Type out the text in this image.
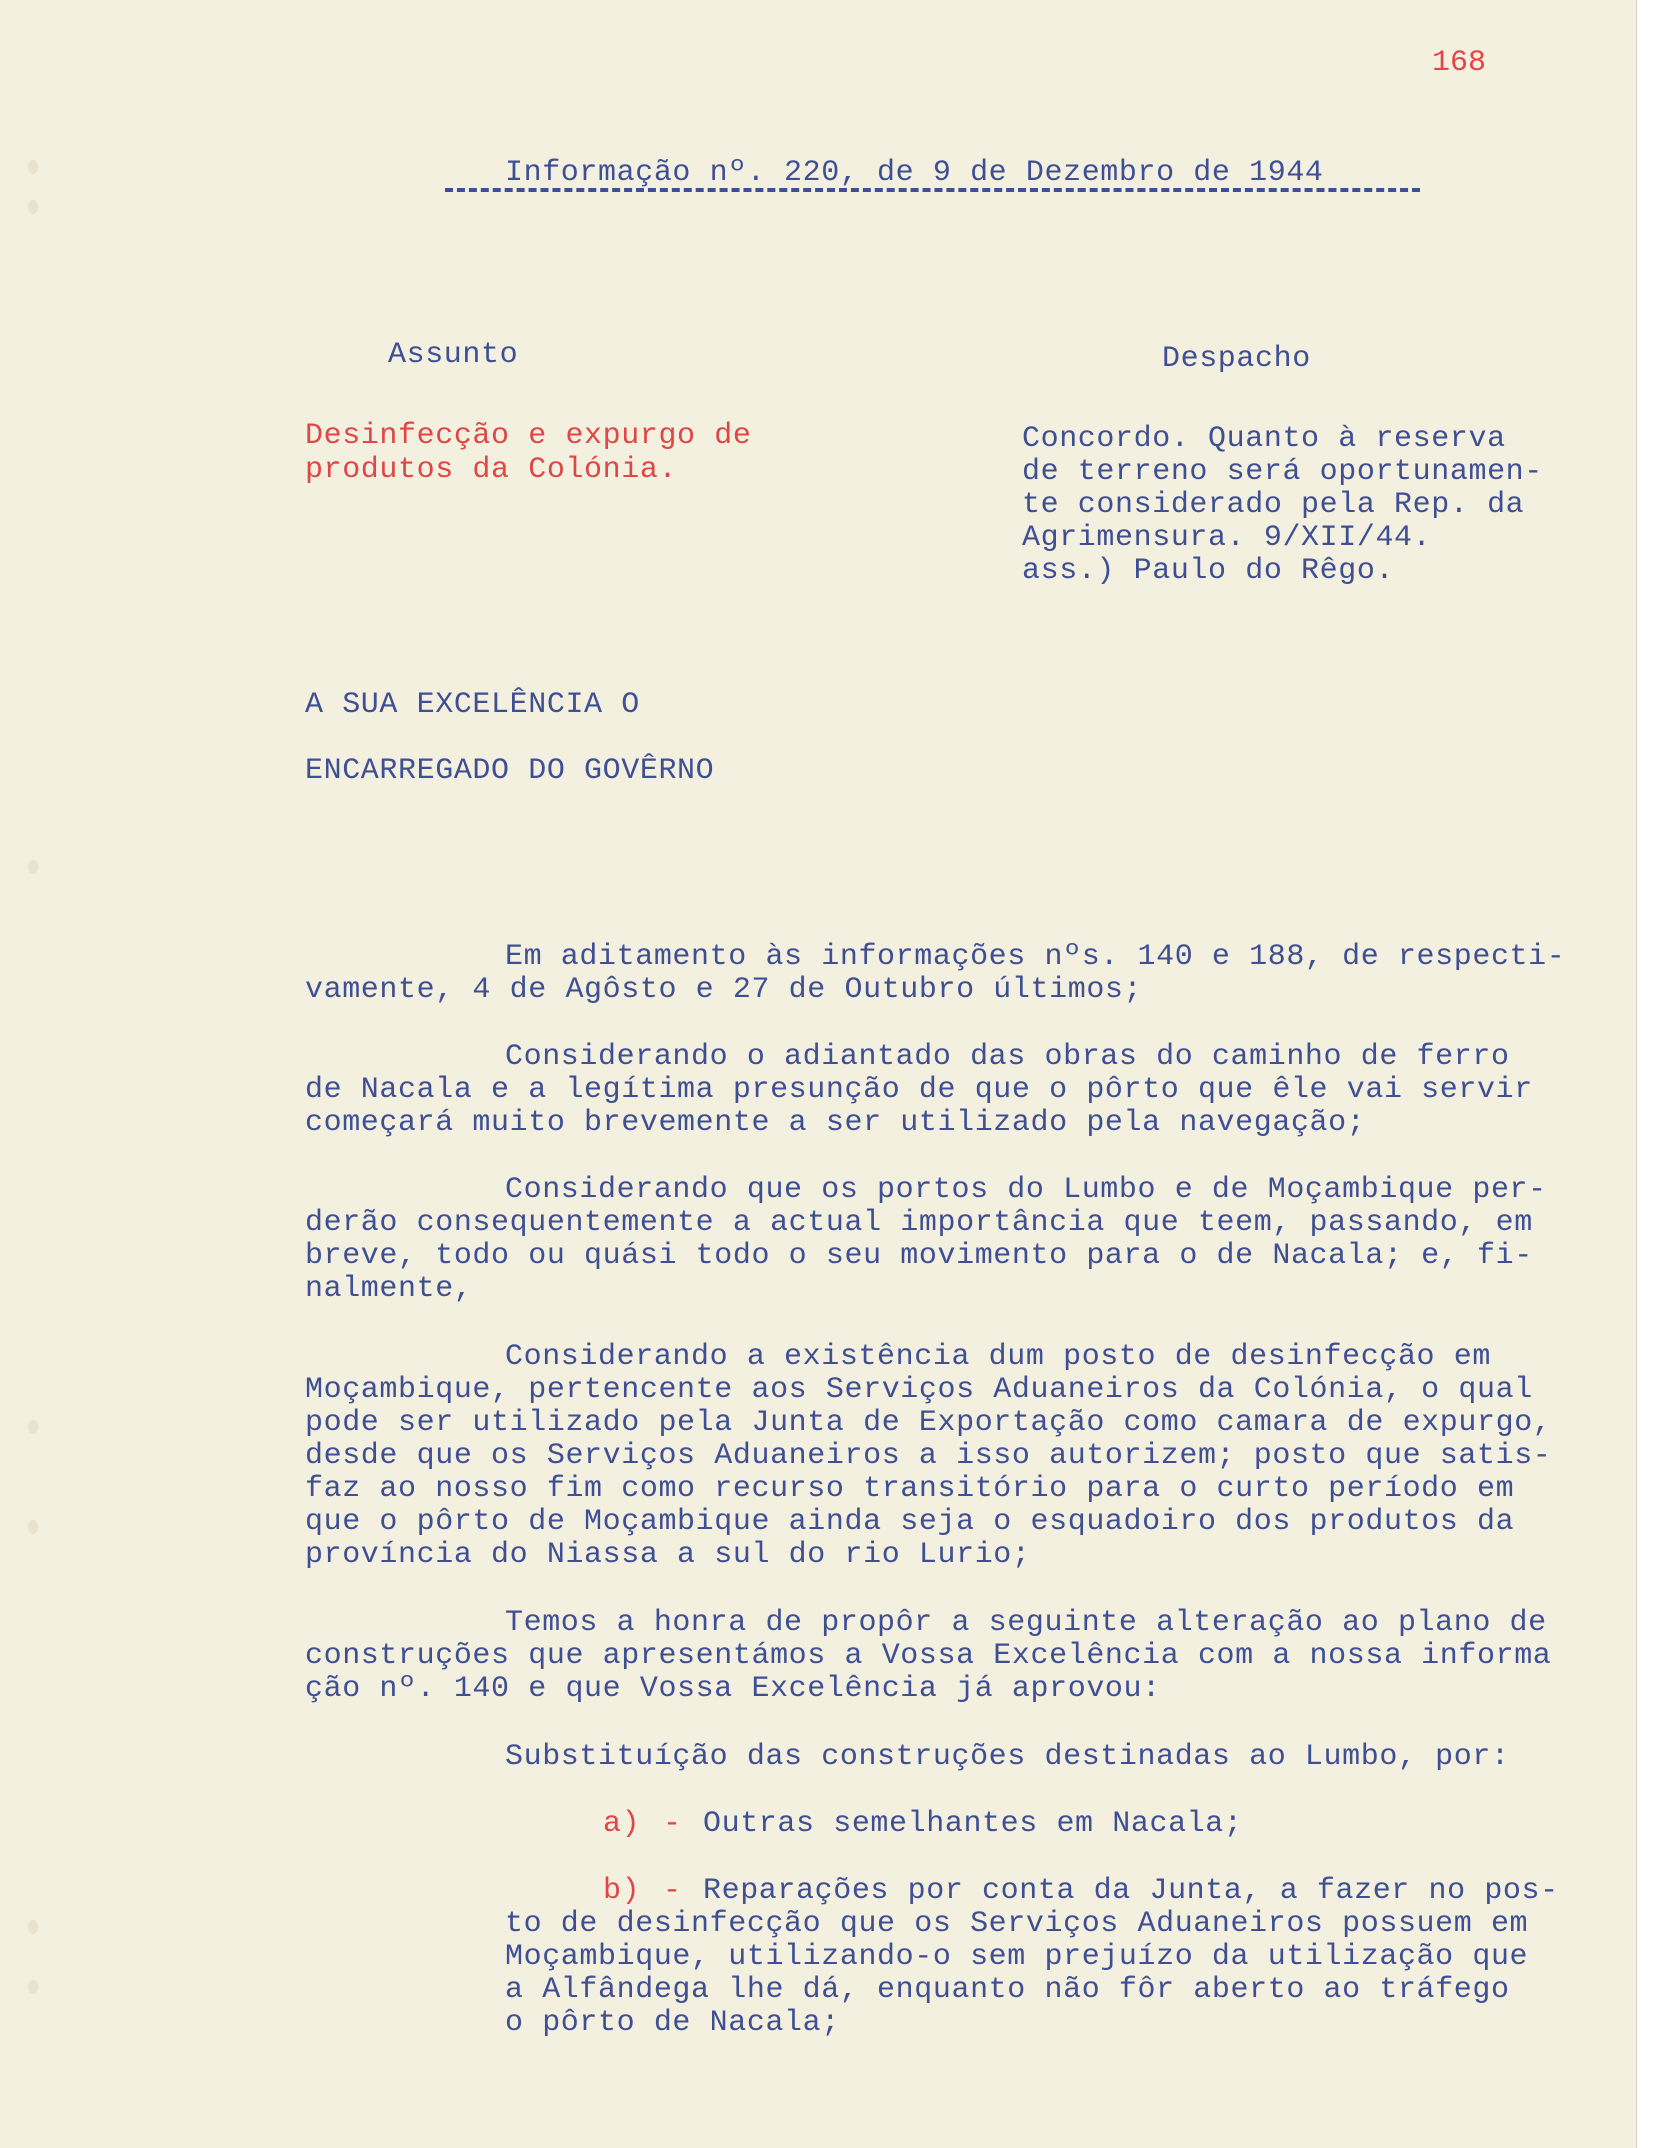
168
Informação nº. 220, de 9 de Dezembro de 1944
Assunto
Desinfecção e expurgo de
produtos da Colónia.
Despacho
Concordo. Quanto à reserva
de terreno será oportunamen-
te considerado pela Rep. da
Agrimensura. 9/XII/44.
ass.) Paulo do Rêgo.
A SUA EXCELÊNCIA O
ENCARREGADO DO GOVÊRNO
Em aditamento às informações nºs. 140 e 188, de respecti-
vamente, 4 de Agôsto e 27 de Outubro últimos;
Considerando o adiantado das obras do caminho de ferro
de Nacala e a legítima presunção de que o pôrto que êle vai servir
começará muito brevemente a ser utilizado pela navegação;
Considerando que os portos do Lumbo e de Moçambique per-
derão consequentemente a actual importância que teem, passando, em
breve, todo ou quási todo o seu movimento para o de Nacala; e, fi-
nalmente,
Considerando a existência dum posto de desinfecção em
Moçambique, pertencente aos Serviços Aduaneiros da Colónia, o qual
pode ser utilizado pela Junta de Exportação como camara de expurgo,
desde que os Serviços Aduaneiros a isso autorizem; posto que satis-
faz ao nosso fim como recurso transitório para o curto período em
que o pôrto de Moçambique ainda seja o esquadoiro dos produtos da
província do Niassa a sul do rio Lurio;
Temos a honra de propôr a seguinte alteração ao plano de
construções que apresentámos a Vossa Excelência com a nossa informa
ção nº. 140 e que Vossa Excelência já aprovou:
Substituíção das construções destinadas ao Lumbo, por:
a) - Outras semelhantes em Nacala;
b) - Reparações por conta da Junta, a fazer no pos-
to de desinfecção que os Serviços Aduaneiros possuem em
Moçambique, utilizando-o sem prejuízo da utilização que
a Alfândega lhe dá, enquanto não fôr aberto ao tráfego
o pôrto de Nacala;
